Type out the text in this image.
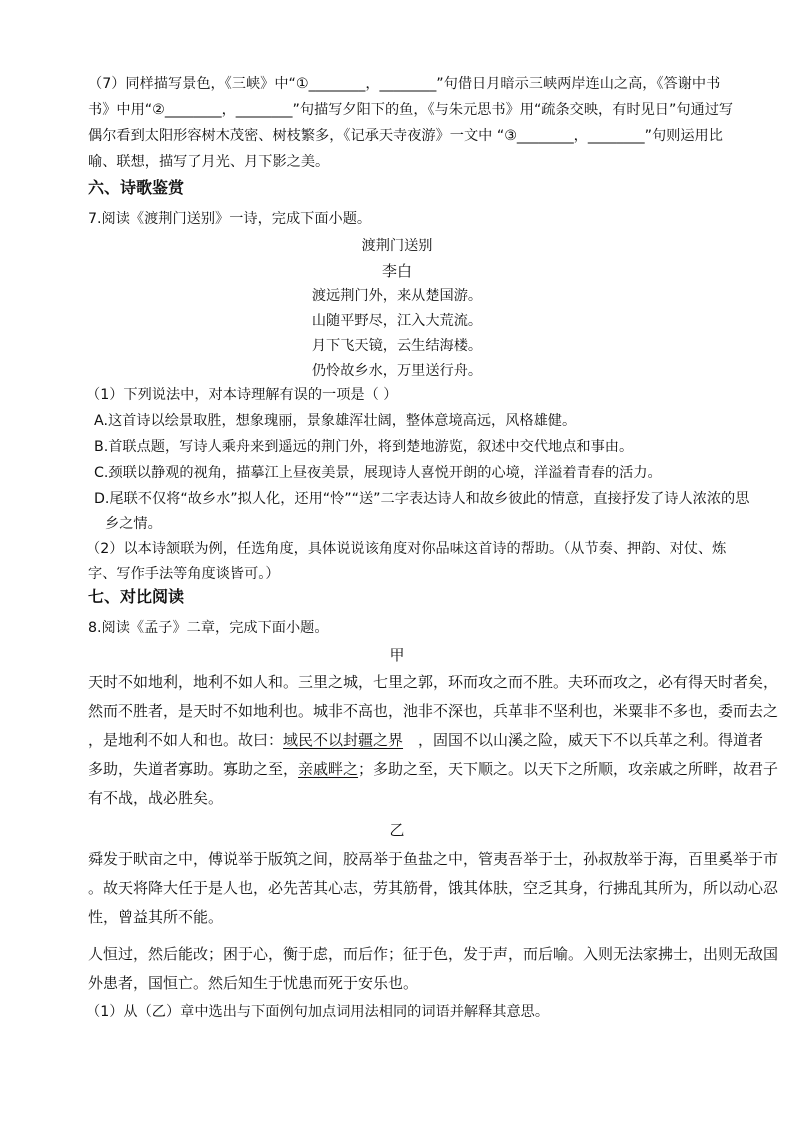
（7）同样描写景色，《三峡》中“①________，________”句借日月暗示三峡两岸连山之高，《答谢中书
书》中用“②________，________”句描写夕阳下的鱼，《与朱元思书》用“疏条交映，有时见日”句通过写
偶尔看到太阳形容树木茂密、树枝繁多，《记承天寺夜游》一文中 “③________，________”句则运用比
喻、联想，描写了月光、月下影之美。
六、诗歌鉴赏
7.阅读《渡荆门送别》一诗，完成下面小题。
渡荆门送别
李白
渡远荆门外，来从楚国游。
山随平野尽，江入大荒流。
月下飞天镜，云生结海楼。
仍怜故乡水，万里送行舟。
（1）下列说法中，对本诗理解有误的一项是（ ）
A.这首诗以绘景取胜，想象瑰丽，景象雄浑壮阔，整体意境高远，风格雄健。
B.首联点题，写诗人乘舟来到遥远的荆门外，将到楚地游览，叙述中交代地点和事由。
C.颈联以静观的视角，描摹江上昼夜美景，展现诗人喜悦开朗的心境，洋溢着青春的活力。
D.尾联不仅将“故乡水”拟人化，还用“怜”“送”二字表达诗人和故乡彼此的情意，直接抒发了诗人浓浓的思
乡之情。
（2）以本诗颔联为例，任选角度，具体说说该角度对你品味这首诗的帮助。（从节奏、押韵、对仗、炼
字、写作手法等角度谈皆可。）
七、对比阅读
8.阅读《孟子》二章，完成下面小题。
甲
天时不如地利，地利不如人和。三里之城，七里之郭，环而攻之而不胜。夫环而攻之，必有得天时者矣，
然而不胜者，是天时不如地利也。城非不高也，池非不深也，兵革非不坚利也，米粟非不多也，委而去之
，是地利不如人和也。故曰：域民不以封疆之界　，固国不以山溪之险，威天下不以兵革之利。得道者
多助，失道者寡助。寡助之至，亲戚畔之；多助之至，天下顺之。以天下之所顺，攻亲戚之所畔，故君子
有不战，战必胜矣。
乙
舜发于畎亩之中，傅说举于版筑之间，胶鬲举于鱼盐之中，管夷吾举于士，孙叔敖举于海，百里奚举于市
。故天将降大任于是人也，必先苦其心志，劳其筋骨，饿其体肤，空乏其身，行拂乱其所为，所以动心忍
性，曾益其所不能。
人恒过，然后能改；困于心，衡于虑，而后作；征于色，发于声，而后喻。入则无法家拂士，出则无敌国
外患者，国恒亡。然后知生于忧患而死于安乐也。
（1）从（乙）章中选出与下面例句加点词用法相同的词语并解释其意思。
